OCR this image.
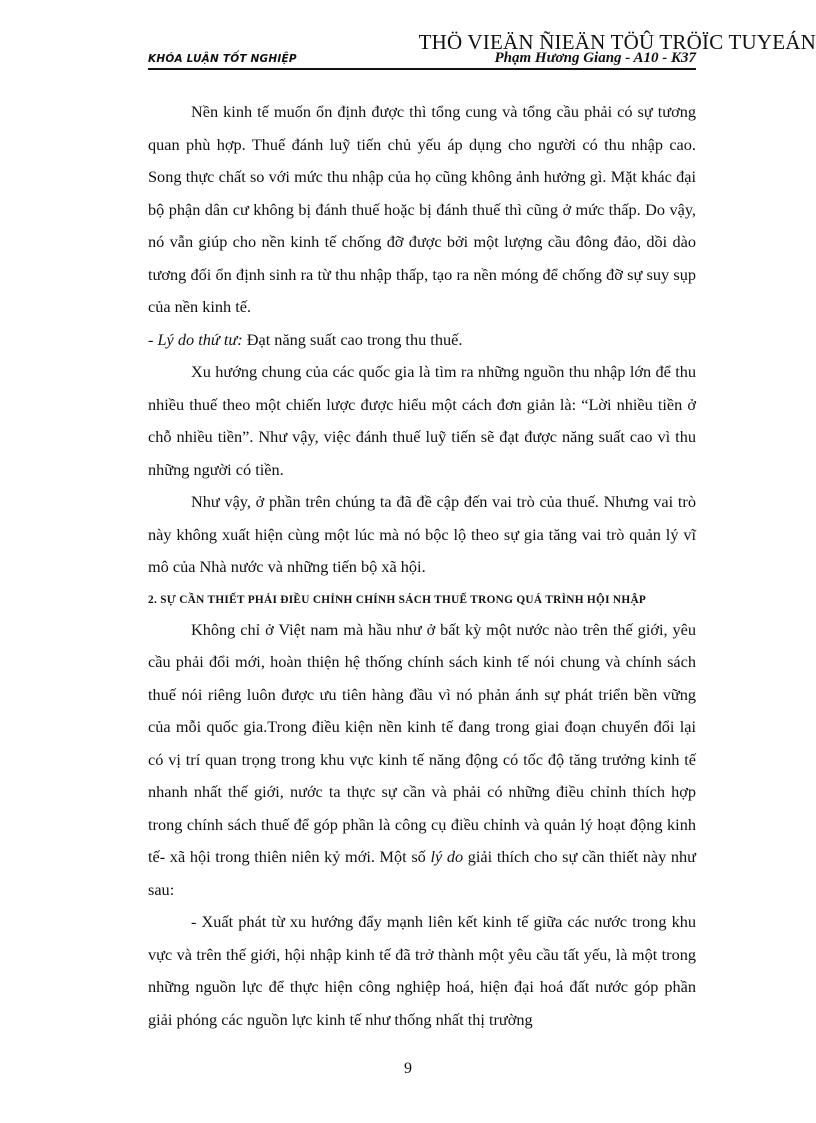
THÖ VIEÄN ÑIEÄN TÖÛ TRÖÏC TUYEÁN
KHÓA LUẬN TỐT NGHIỆP	Phạm Hương Giang - A10 - K37

Nền kinh tế muốn ổn định được thì tổng cung và tổng cầu phải có sự tương quan phù hợp. Thuế đánh luỹ tiến chủ yếu áp dụng cho người có thu nhập cao. Song thực chất so với mức thu nhập của họ cũng không ảnh hưởng gì. Mặt khác đại bộ phận dân cư không bị đánh thuế hoặc bị đánh thuế thì cũng ở mức thấp. Do vậy, nó vẫn giúp cho nền kinh tế chống đỡ được bởi một lượng cầu đông đảo, dồi dào tương đối ổn định sinh ra từ thu nhập thấp, tạo ra nền móng để chống đỡ sự suy sụp của nền kinh tế.

- Lý do thứ tư: Đạt năng suất cao trong thu thuế.

Xu hướng chung của các quốc gia là tìm ra những nguồn thu nhập lớn để thu nhiều thuế theo một chiến lược được hiểu một cách đơn giản là: “Lời nhiều tiền ở chỗ nhiều tiền”. Như vậy, việc đánh thuế luỹ tiến sẽ đạt được năng suất cao vì thu những người có tiền.

Như vậy, ở phần trên chúng ta đã đề cập đến vai trò của thuế. Nhưng vai trò này không xuất hiện cùng một lúc mà nó bộc lộ theo sự gia tăng vai trò quản lý vĩ mô của Nhà nước và những tiến bộ xã hội.

2. SỰ CẦN THIẾT PHẢI ĐIỀU CHỈNH CHÍNH SÁCH THUẾ TRONG QUÁ TRÌNH HỘI NHẬP

Không chỉ ở Việt nam mà hầu như ở bất kỳ một nước nào trên thế giới, yêu cầu phải đổi mới, hoàn thiện hệ thống chính sách kinh tế nói chung và chính sách thuế nói riêng luôn được ưu tiên hàng đầu vì nó phản ánh sự phát triển bền vững của mỗi quốc gia.Trong điều kiện nền kinh tế đang trong giai đoạn chuyển đổi lại có vị trí quan trọng trong khu vực kinh tế năng động có tốc độ tăng trưởng kinh tế nhanh nhất thế giới, nước ta thực sự cần và phải có những điều chỉnh thích hợp trong chính sách thuế để góp phần là công cụ điều chỉnh và quản lý hoạt động kinh tế- xã hội trong thiên niên kỷ mới. Một số lý do giải thích cho sự cần thiết này như sau:

- Xuất phát từ xu hướng đẩy mạnh liên kết kinh tế giữa các nước trong khu vực và trên thế giới, hội nhập kinh tế đã trở thành một yêu cầu tất yếu, là một trong những nguồn lực để thực hiện công nghiệp hoá, hiện đại hoá đất nước góp phần giải phóng các nguồn lực kinh tế như thống nhất thị trường

9
